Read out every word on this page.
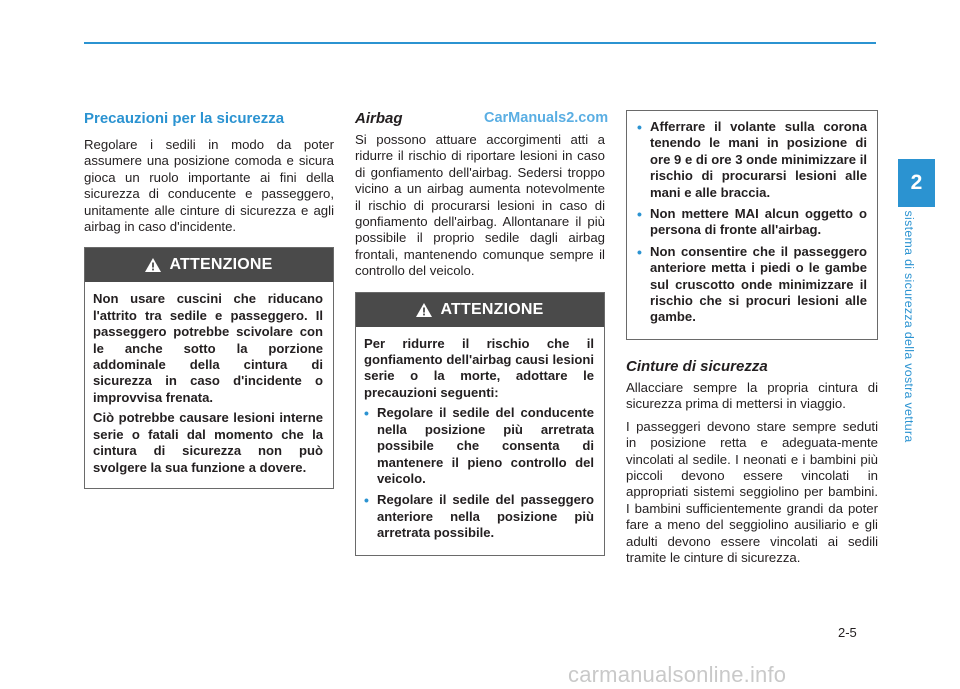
CarManuals2.com
Precauzioni per la sicurezza

Regolare i sedili in modo da poter assumere una posizione comoda e sicura gioca un ruolo importante ai fini della sicurezza di conducente e passeggero, unitamente alle cinture di sicurezza e agli airbag in caso d'incidente.

ATTENZIONE

Non usare cuscini che riducano l'attrito tra sedile e passeggero. Il passeggero potrebbe scivolare con le anche sotto la porzione addominale della cintura di sicurezza in caso d'incidente o improvvisa frenata.

Ciò potrebbe causare lesioni interne serie o fatali dal momento che la cintura di sicurezza non può svolgere la sua funzione a dovere.

Airbag

Si possono attuare accorgimenti atti a ridurre il rischio di riportare lesioni in caso di gonfiamento dell'airbag. Sedersi troppo vicino a un airbag aumenta notevolmente il rischio di procurarsi lesioni in caso di gonfiamento dell'airbag. Allontanare il più possibile il proprio sedile dagli airbag frontali, mantenendo comunque sempre il controllo del veicolo.

ATTENZIONE

Per ridurre il rischio che il gonfiamento dell'airbag causi lesioni serie o la morte, adottare le precauzioni seguenti:

• Regolare il sedile del conducente nella posizione più arretrata possibile che consenta di mantenere il pieno controllo del veicolo.
• Regolare il sedile del passeggero anteriore nella posizione più arretrata possibile.
• Afferrare il volante sulla corona tenendo le mani in posizione di ore 9 e di ore 3 onde minimizzare il rischio di procurarsi lesioni alle mani e alle braccia.
• Non mettere MAI alcun oggetto o persona di fronte all'airbag.
• Non consentire che il passeggero anteriore metta i piedi o le gambe sul cruscotto onde minimizzare il rischio che si procuri lesioni alle gambe.
Cinture di sicurezza

Allacciare sempre la propria cintura di sicurezza prima di mettersi in viaggio.

I passeggeri devono stare sempre seduti in posizione retta e adeguata-mente vincolati al sedile. I neonati e i bambini più piccoli devono essere vincolati in appropriati sistemi seggiolino per bambini. I bambini sufficientemente grandi da poter fare a meno del seggiolino ausiliario e gli adulti devono essere vincolati ai sedili tramite le cinture di sicurezza.

2
Il sistema di sicurezza della vostra vettura
2-5
carmanualsonline.info
